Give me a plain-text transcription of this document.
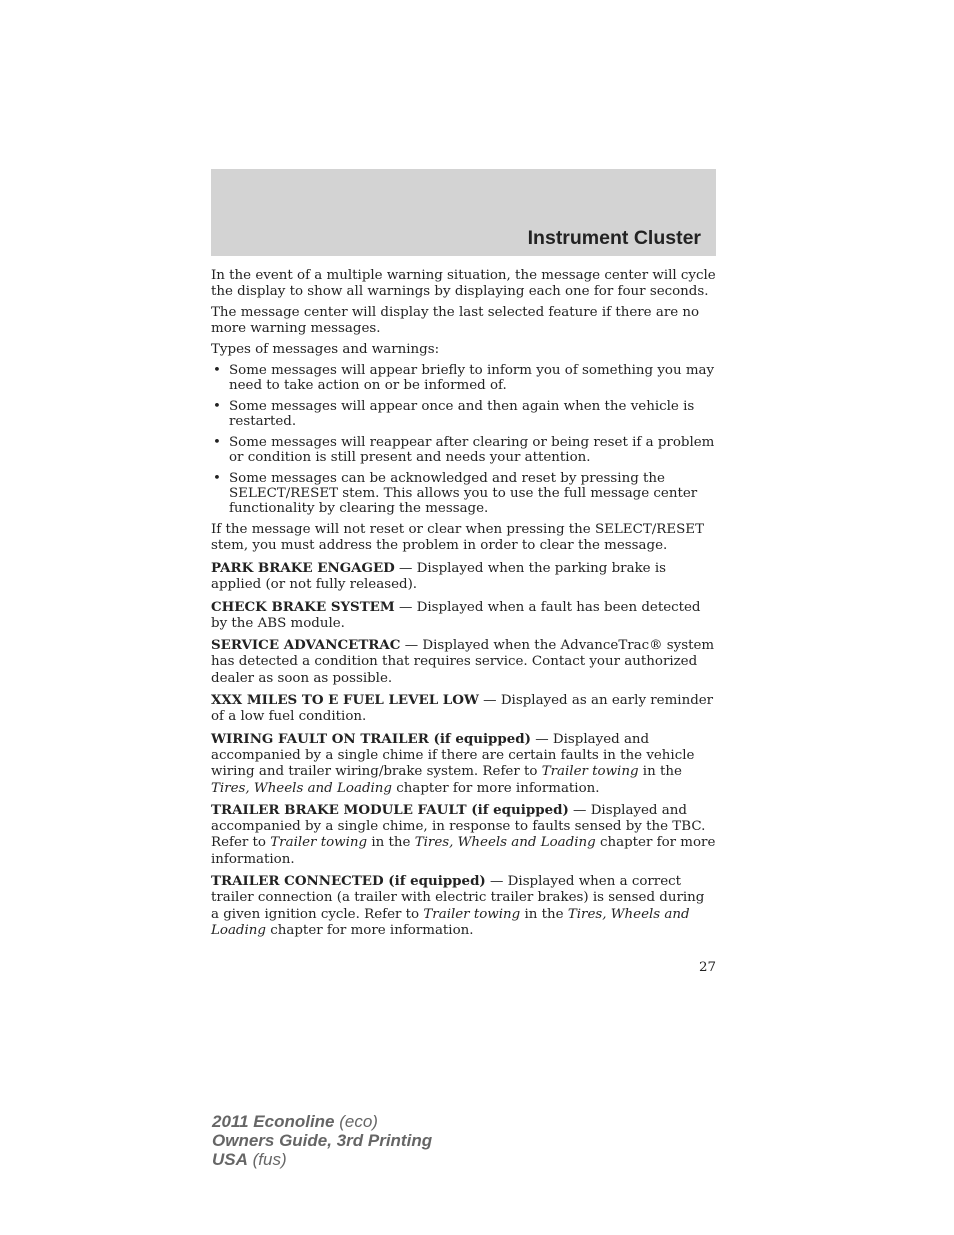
Instrument Cluster

In the event of a multiple warning situation, the message center will cycle the display to show all warnings by displaying each one for four seconds.

The message center will display the last selected feature if there are no more warning messages.

Types of messages and warnings:

• Some messages will appear briefly to inform you of something you may need to take action on or be informed of.
• Some messages will appear once and then again when the vehicle is restarted.
• Some messages will reappear after clearing or being reset if a problem or condition is still present and needs your attention.
• Some messages can be acknowledged and reset by pressing the SELECT/RESET stem. This allows you to use the full message center functionality by clearing the message.

If the message will not reset or clear when pressing the SELECT/RESET stem, you must address the problem in order to clear the message.

PARK BRAKE ENGAGED — Displayed when the parking brake is applied (or not fully released).

CHECK BRAKE SYSTEM — Displayed when a fault has been detected by the ABS module.

SERVICE ADVANCETRAC — Displayed when the AdvanceTrac® system has detected a condition that requires service. Contact your authorized dealer as soon as possible.

XXX MILES TO E FUEL LEVEL LOW — Displayed as an early reminder of a low fuel condition.

WIRING FAULT ON TRAILER (if equipped) — Displayed and accompanied by a single chime if there are certain faults in the vehicle wiring and trailer wiring/brake system. Refer to Trailer towing in the Tires, Wheels and Loading chapter for more information.

TRAILER BRAKE MODULE FAULT (if equipped) — Displayed and accompanied by a single chime, in response to faults sensed by the TBC. Refer to Trailer towing in the Tires, Wheels and Loading chapter for more information.

TRAILER CONNECTED (if equipped) — Displayed when a correct trailer connection (a trailer with electric trailer brakes) is sensed during a given ignition cycle. Refer to Trailer towing in the Tires, Wheels and Loading chapter for more information.

27
2011 Econoline (eco)
Owners Guide, 3rd Printing
USA (fus)
